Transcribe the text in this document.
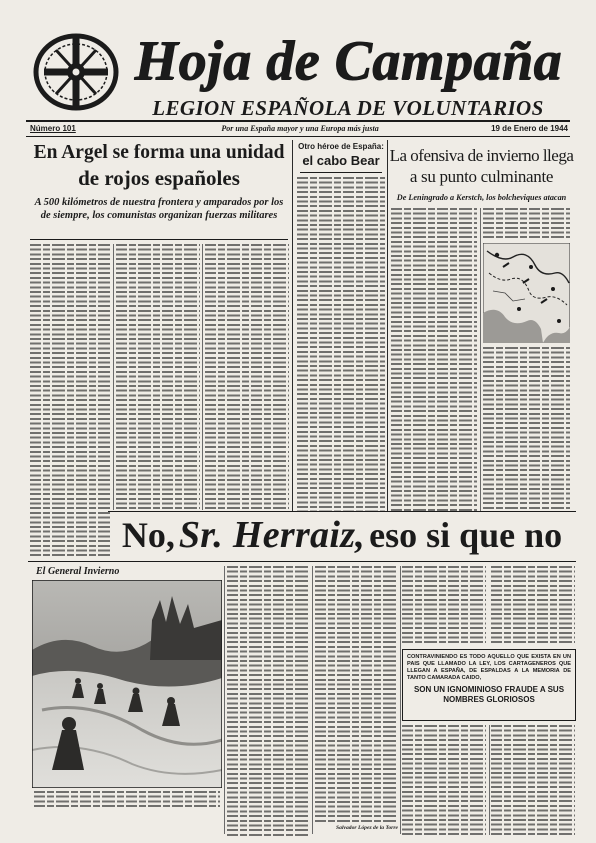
Hoja de Campaña
LEGION ESPAÑOLA DE VOLUNTARIOS
Número 101	Por una España mayor y una Europa más justa	19 de Enero de 1944
En Argel se forma una unidad
de rojos españoles
A 500 kilómetros de nuestra frontera y amparados por los de siempre, los comunistas organizan fuerzas militares
Otro héroe de España:
el cabo Bear La ofensiva de invierno llega
a su punto culminante
De Leningrado a Kerstch, los bolcheviques atacan
No, Sr. Herraiz, eso si que no
El General Invierno
Salvador López de la Torre
CONTRAVINIENDO ES TODO AQUELLO QUE EXISTA EN UN PAIS QUE LLAMADO LA LEY, LOS CARTAGENEROS QUE LLEGAN A ESPAÑA, DE ESPALDAS A LA MEMORIA DE TANTO CAMARADA CAIDO,
SON UN IGNOMINIOSO FRAUDE A SUS NOMBRES GLORIOSOS
